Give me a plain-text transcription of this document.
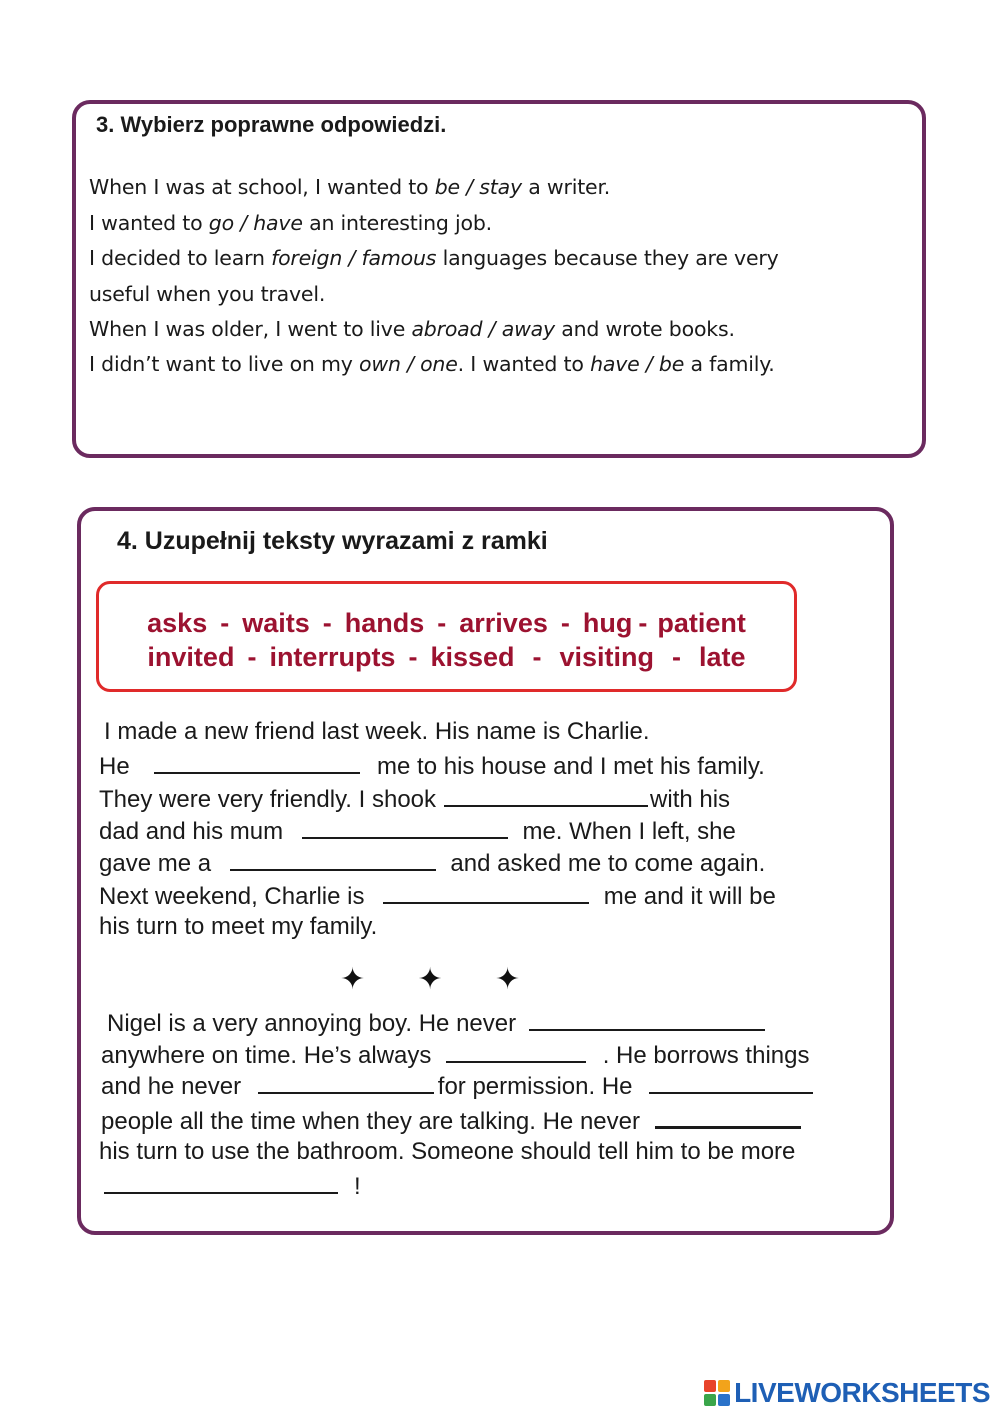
3. Wybierz poprawne odpowiedzi.
When I was at school, I wanted to be / stay a writer.
I wanted to go / have an interesting job.
I decided to learn foreign / famous languages because they are very
useful when you travel.
When I was older, I went to live abroad / away and wrote books.
I didn’t want to live on my own / one. I wanted to have / be a family.
4. Uzupełnij teksty wyrazami z ramki
asks - waits - hands - arrives - hug - patient
invited - interrupts - kissed - visiting - late
I made a new friend last week. His name is Charlie.
He	me to his house and I met his family.
They were very friendly. I shook	with his
dad and his mum	me. When I left, she
gave me a	and asked me to come again.
Next weekend, Charlie is	me and it will be
his turn to meet my family.
✦ ✦ ✦
Nigel is a very annoying boy. He never
anywhere on time. He’s always	. He borrows things
and he never	for permission. He
people all the time when they are talking. He never
his turn to use the bathroom. Someone should tell him to be more
!
LIVEWORKSHEETS
